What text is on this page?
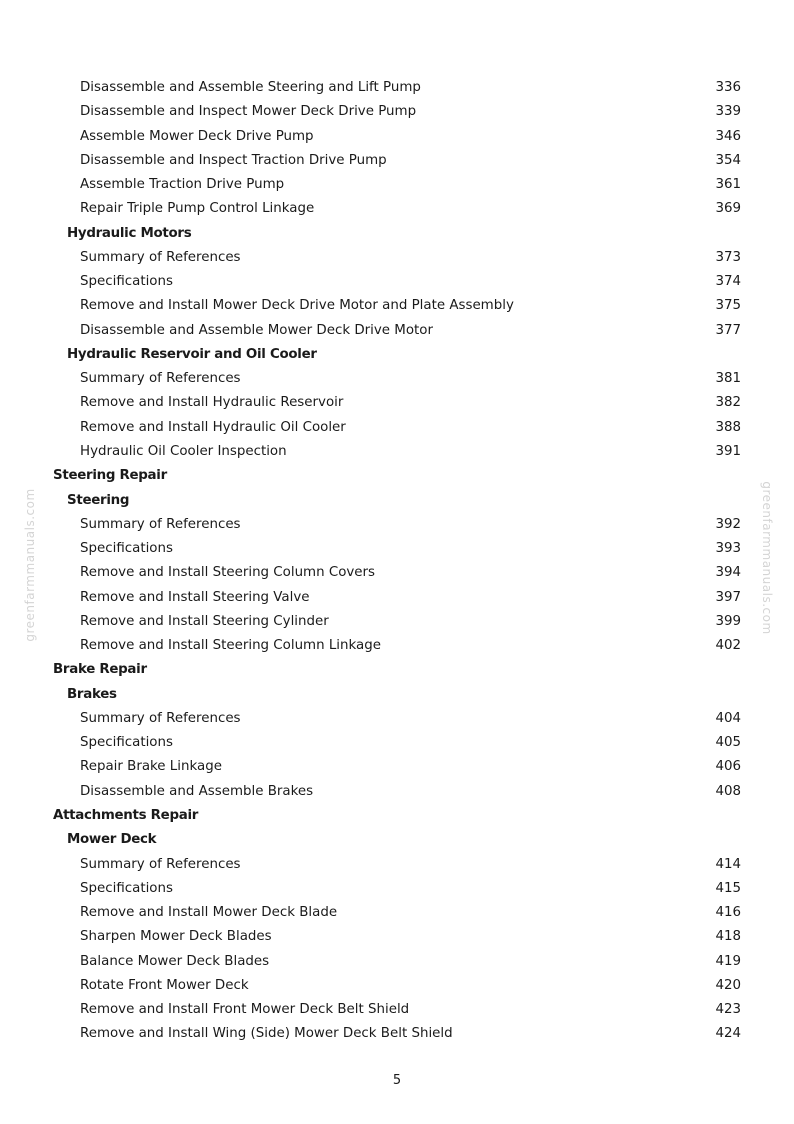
Disassemble and Assemble Steering and Lift Pump	336
Disassemble and Inspect Mower Deck Drive Pump	339
Assemble Mower Deck Drive Pump	346
Disassemble and Inspect Traction Drive Pump	354
Assemble Traction Drive Pump	361
Repair Triple Pump Control Linkage	369
Hydraulic Motors
Summary of References	373
Specifications	374
Remove and Install Mower Deck Drive Motor and Plate Assembly	375
Disassemble and Assemble Mower Deck Drive Motor	377
Hydraulic Reservoir and Oil Cooler
Summary of References	381
Remove and Install Hydraulic Reservoir	382
Remove and Install Hydraulic Oil Cooler	388
Hydraulic Oil Cooler Inspection	391
Steering Repair
Steering
Summary of References	392
Specifications	393
Remove and Install Steering Column Covers	394
Remove and Install Steering Valve	397
Remove and Install Steering Cylinder	399
Remove and Install Steering Column Linkage	402
Brake Repair
Brakes
Summary of References	404
Specifications	405
Repair Brake Linkage	406
Disassemble and Assemble Brakes	408
Attachments Repair
Mower Deck
Summary of References	414
Specifications	415
Remove and Install Mower Deck Blade	416
Sharpen Mower Deck Blades	418
Balance Mower Deck Blades	419
Rotate Front Mower Deck	420
Remove and Install Front Mower Deck Belt Shield	423
Remove and Install Wing (Side) Mower Deck Belt Shield	424
5
greenfarmmanuals.com	greenfarmmanuals.com
